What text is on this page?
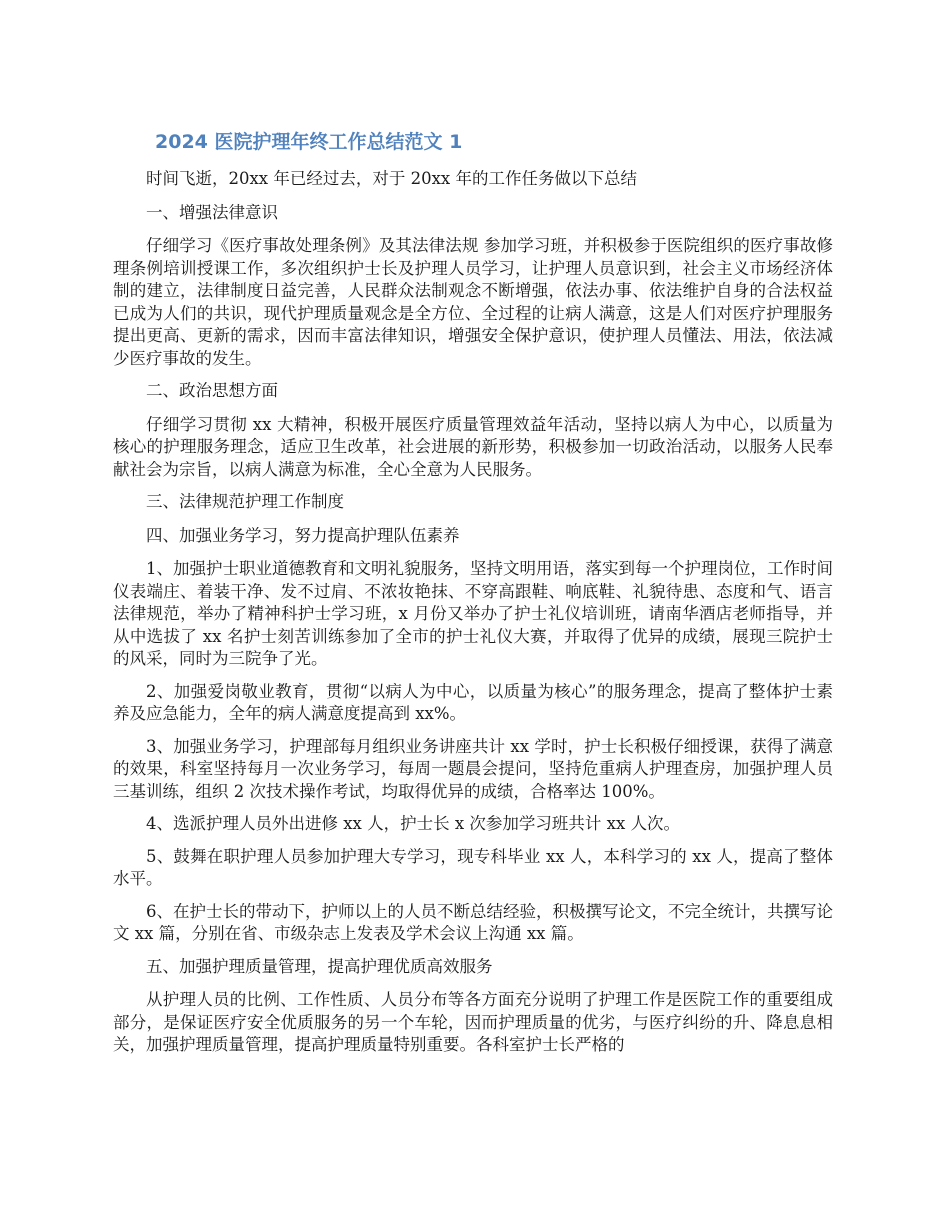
2024 医院护理年终工作总结范文 1

时间飞逝，20xx 年已经过去，对于 20xx 年的工作任务做以下总结

一、增强法律意识

仔细学习《医疗事故处理条例》及其法律法规 参加学习班，并积极参于医院组织的医疗事故修理条例培训授课工作，多次组织护士长及护理人员学习，让护理人员意识到，社会主义市场经济体制的建立，法律制度日益完善，人民群众法制观念不断增强，依法办事、依法维护自身的合法权益已成为人们的共识，现代护理质量观念是全方位、全过程的让病人满意，这是人们对医疗护理服务提出更高、更新的需求，因而丰富法律知识，增强安全保护意识，使护理人员懂法、用法，依法减少医疗事故的发生。

二、政治思想方面

仔细学习贯彻 xx 大精神，积极开展医疗质量管理效益年活动，坚持以病人为中心，以质量为核心的护理服务理念，适应卫生改革，社会进展的新形势，积极参加一切政治活动，以服务人民奉献社会为宗旨，以病人满意为标准，全心全意为人民服务。

三、法律规范护理工作制度

四、加强业务学习，努力提高护理队伍素养

1、加强护士职业道德教育和文明礼貌服务，坚持文明用语，落实到每一个护理岗位，工作时间仪表端庄、着装干净、发不过肩、不浓妆艳抹、不穿高跟鞋、响底鞋、礼貌待患、态度和气、语言法律规范，举办了精神科护士学习班，x 月份又举办了护士礼仪培训班，请南华酒店老师指导，并从中选拔了 xx 名护士刻苦训练参加了全市的护士礼仪大赛，并取得了优异的成绩，展现三院护士的风采，同时为三院争了光。

2、加强爱岗敬业教育，贯彻“以病人为中心，以质量为核心”的服务理念，提高了整体护士素养及应急能力，全年的病人满意度提高到 xx%。

3、加强业务学习，护理部每月组织业务讲座共计 xx 学时，护士长积极仔细授课，获得了满意的效果，科室坚持每月一次业务学习，每周一题晨会提问，坚持危重病人护理查房，加强护理人员三基训练，组织 2 次技术操作考试，均取得优异的成绩，合格率达 100%。

4、选派护理人员外出进修 xx 人，护士长 x 次参加学习班共计 xx 人次。

5、鼓舞在职护理人员参加护理大专学习，现专科毕业 xx 人，本科学习的 xx 人，提高了整体水平。

6、在护士长的带动下，护师以上的人员不断总结经验，积极撰写论文，不完全统计，共撰写论文 xx 篇，分别在省、市级杂志上发表及学术会议上沟通 xx 篇。

五、加强护理质量管理，提高护理优质高效服务

从护理人员的比例、工作性质、人员分布等各方面充分说明了护理工作是医院工作的重要组成部分，是保证医疗安全优质服务的另一个车轮，因而护理质量的优劣，与医疗纠纷的升、降息息相关，加强护理质量管理，提高护理质量特别重要。各科室护士长严格的
